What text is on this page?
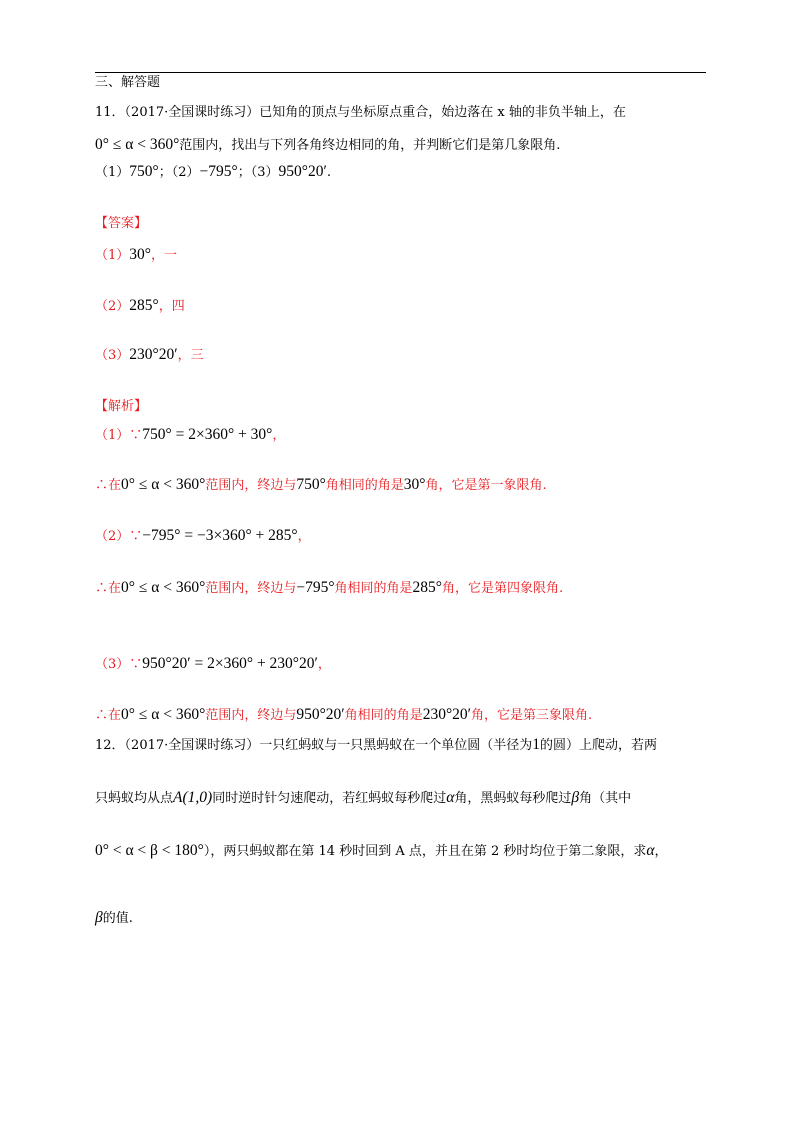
三、解答题
11．（2017·全国课时练习）已知角的顶点与坐标原点重合，始边落在 x 轴的非负半轴上，在
0° ≤ α < 360°范围内，找出与下列各角终边相同的角，并判断它们是第几象限角.
（1）750°；（2）−795°；（3）950°20′.
【答案】
（1）30°，一
（2）285°，四
（3）230°20′，三
【解析】
（1）∵750° = 2×360° + 30°，
∴在0° ≤ α < 360°范围内，终边与750°角相同的角是30°角，它是第一象限角.
（2）∵−795° = −3×360° + 285°，
∴在0° ≤ α < 360°范围内，终边与−795°角相同的角是285°角，它是第四象限角.
（3）∵950°20′ = 2×360° + 230°20′，
∴在0° ≤ α < 360°范围内，终边与950°20′角相同的角是230°20′角，它是第三象限角.
12．（2017·全国课时练习）一只红蚂蚁与一只黑蚂蚁在一个单位圆（半径为1的圆）上爬动，若两
只蚂蚁均从点A(1,0)同时逆时针匀速爬动，若红蚂蚁每秒爬过α角，黑蚂蚁每秒爬过β角（其中
0° < α < β < 180°），两只蚂蚁都在第 14 秒时回到 A 点，并且在第 2 秒时均位于第二象限，求α，
β的值.
